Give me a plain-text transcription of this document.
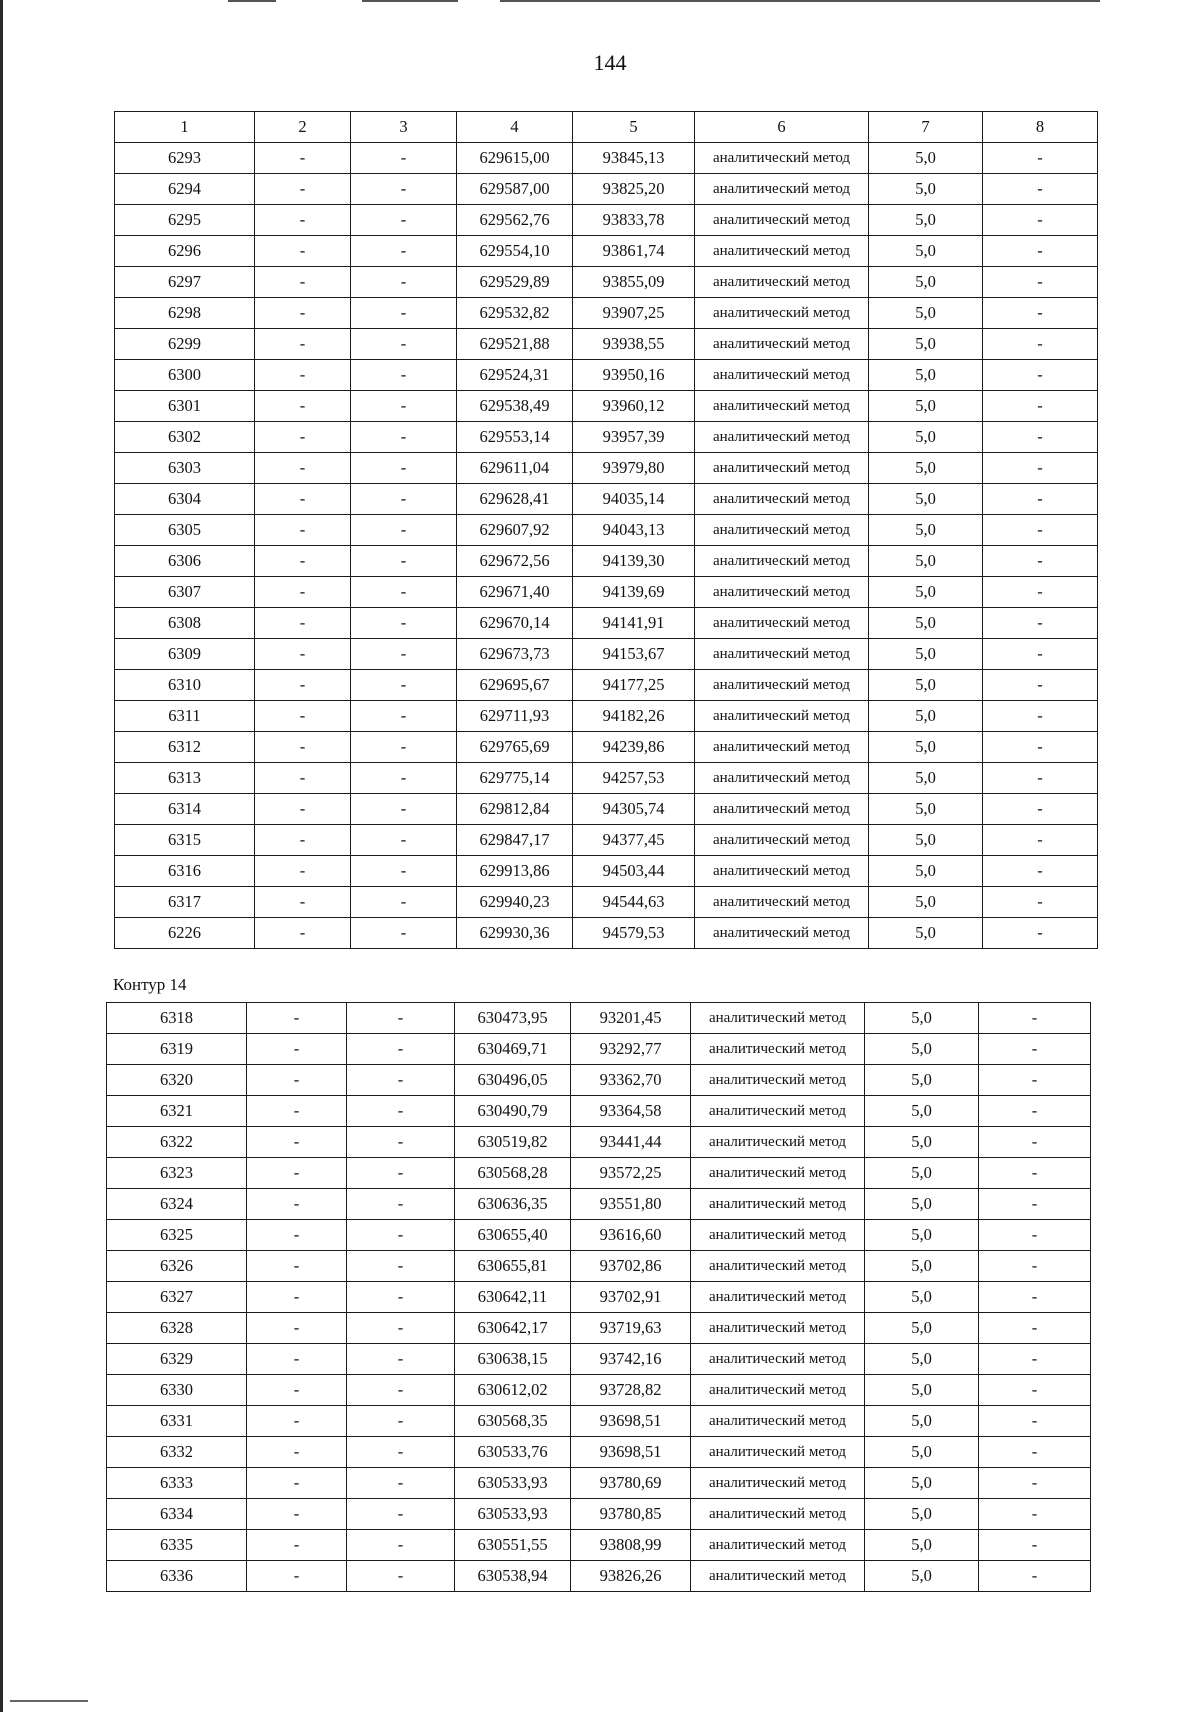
144
1	2	3	4	5	6	7	8
6293	-	-	629615,00	93845,13	аналитический метод	5,0	-
6294	-	-	629587,00	93825,20	аналитический метод	5,0	-
6295	-	-	629562,76	93833,78	аналитический метод	5,0	-
6296	-	-	629554,10	93861,74	аналитический метод	5,0	-
6297	-	-	629529,89	93855,09	аналитический метод	5,0	-
6298	-	-	629532,82	93907,25	аналитический метод	5,0	-
6299	-	-	629521,88	93938,55	аналитический метод	5,0	-
6300	-	-	629524,31	93950,16	аналитический метод	5,0	-
6301	-	-	629538,49	93960,12	аналитический метод	5,0	-
6302	-	-	629553,14	93957,39	аналитический метод	5,0	-
6303	-	-	629611,04	93979,80	аналитический метод	5,0	-
6304	-	-	629628,41	94035,14	аналитический метод	5,0	-
6305	-	-	629607,92	94043,13	аналитический метод	5,0	-
6306	-	-	629672,56	94139,30	аналитический метод	5,0	-
6307	-	-	629671,40	94139,69	аналитический метод	5,0	-
6308	-	-	629670,14	94141,91	аналитический метод	5,0	-
6309	-	-	629673,73	94153,67	аналитический метод	5,0	-
6310	-	-	629695,67	94177,25	аналитический метод	5,0	-
6311	-	-	629711,93	94182,26	аналитический метод	5,0	-
6312	-	-	629765,69	94239,86	аналитический метод	5,0	-
6313	-	-	629775,14	94257,53	аналитический метод	5,0	-
6314	-	-	629812,84	94305,74	аналитический метод	5,0	-
6315	-	-	629847,17	94377,45	аналитический метод	5,0	-
6316	-	-	629913,86	94503,44	аналитический метод	5,0	-
6317	-	-	629940,23	94544,63	аналитический метод	5,0	-
6226	-	-	629930,36	94579,53	аналитический метод	5,0	-
Контур 14
6318	-	-	630473,95	93201,45	аналитический метод	5,0	-
6319	-	-	630469,71	93292,77	аналитический метод	5,0	-
6320	-	-	630496,05	93362,70	аналитический метод	5,0	-
6321	-	-	630490,79	93364,58	аналитический метод	5,0	-
6322	-	-	630519,82	93441,44	аналитический метод	5,0	-
6323	-	-	630568,28	93572,25	аналитический метод	5,0	-
6324	-	-	630636,35	93551,80	аналитический метод	5,0	-
6325	-	-	630655,40	93616,60	аналитический метод	5,0	-
6326	-	-	630655,81	93702,86	аналитический метод	5,0	-
6327	-	-	630642,11	93702,91	аналитический метод	5,0	-
6328	-	-	630642,17	93719,63	аналитический метод	5,0	-
6329	-	-	630638,15	93742,16	аналитический метод	5,0	-
6330	-	-	630612,02	93728,82	аналитический метод	5,0	-
6331	-	-	630568,35	93698,51	аналитический метод	5,0	-
6332	-	-	630533,76	93698,51	аналитический метод	5,0	-
6333	-	-	630533,93	93780,69	аналитический метод	5,0	-
6334	-	-	630533,93	93780,85	аналитический метод	5,0	-
6335	-	-	630551,55	93808,99	аналитический метод	5,0	-
6336	-	-	630538,94	93826,26	аналитический метод	5,0	-
